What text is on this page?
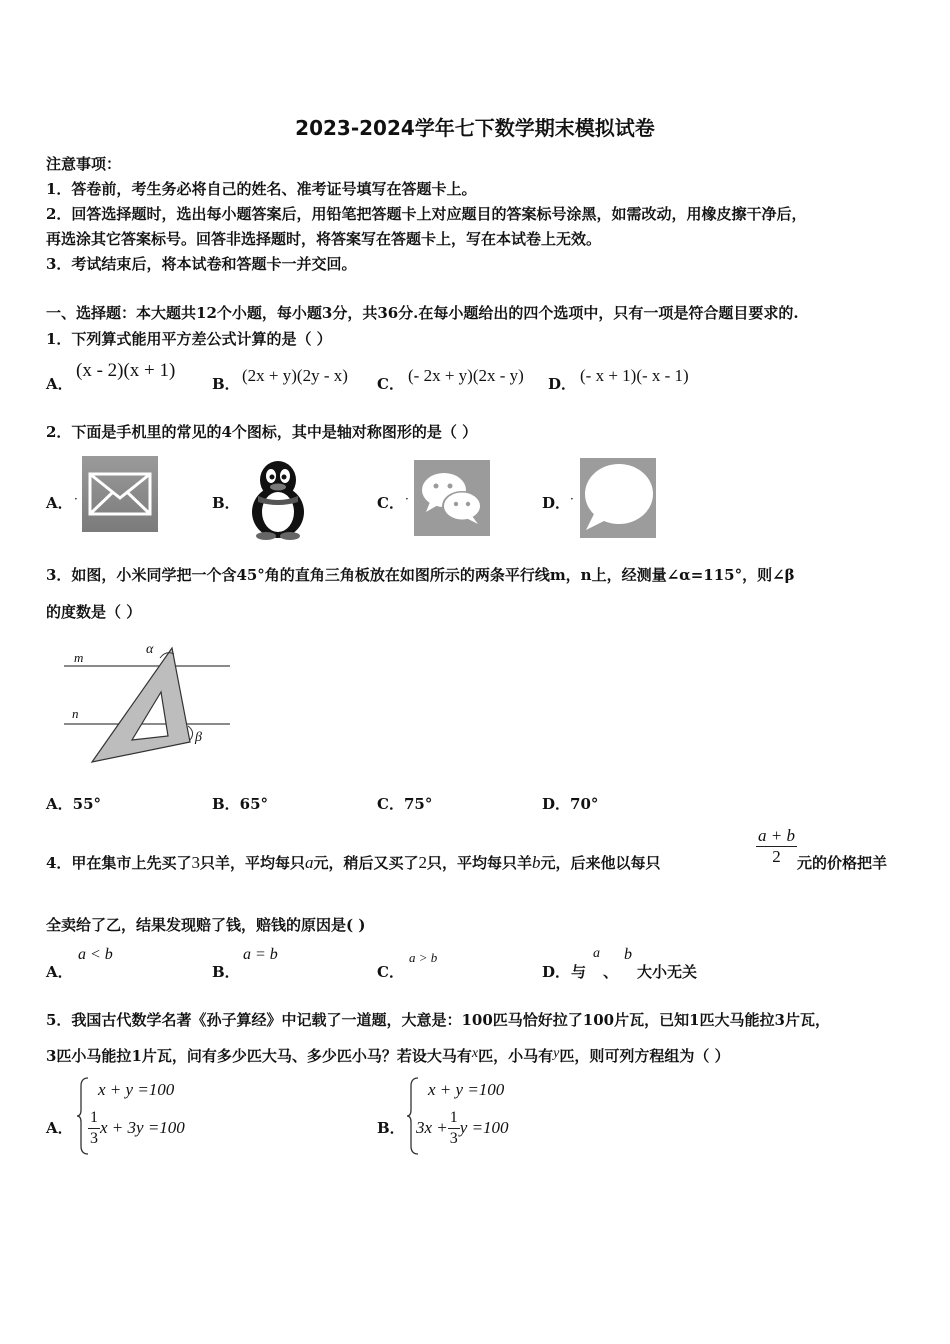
2023-2024学年七下数学期末模拟试卷
注意事项：
1．答卷前，考生务必将自己的姓名、准考证号填写在答题卡上。
2．回答选择题时，选出每小题答案后，用铅笔把答题卡上对应题目的答案标号涂黑，如需改动，用橡皮擦干净后，
再选涂其它答案标号。回答非选择题时，将答案写在答题卡上，写在本试卷上无效。
3．考试结束后，将本试卷和答题卡一并交回。
一、选择题：本大题共12个小题，每小题3分，共36分.在每小题给出的四个选项中，只有一项是符合题目要求的.
1．下列算式能用平方差公式计算的是（ ）
A．
(x - 2)(x + 1)
B． (2x + y)(2y - x) C． (- 2x + y)(2x - y) D． (- x + 1)(- x - 1)
2．下面是手机里的常见的4个图标，其中是轴对称图形的是（ ）
A． ·	B．	C． ·	D． ·
3．如图，小米同学把一个含45°角的直角三角板放在如图所示的两条平行线m，n上，经测量∠α=115°，则∠β
的度数是（ ）
m
n
α
β
A．55°	B．65°	C．75°	D．70°
4．甲在集市上先买了3只羊，平均每只a元，稍后又买了2只，平均每只羊b元，后来他以每只	$\frac{a + b}{2}$ 元的价格把羊
全卖给了乙，结果发现赔了钱，赔钱的原因是( )
A．
a < b
B．
a = b
C．
a > b
D． 与
a
、
b
大小无关
5．我国古代数学名著《孙子算经》中记载了一道题，大意是：100匹马恰好拉了100片瓦，已知1匹大马能拉3片瓦，
3匹小马能拉1片瓦，问有多少匹大马、多少匹小马？若设大马有x匹，小马有y匹，则可列方程组为（ ）
A．
x + y =100
$\frac{1}{3}$ x + 3y =100	B．
x + y =100
$3x + \frac{1}{3}$ y =100
